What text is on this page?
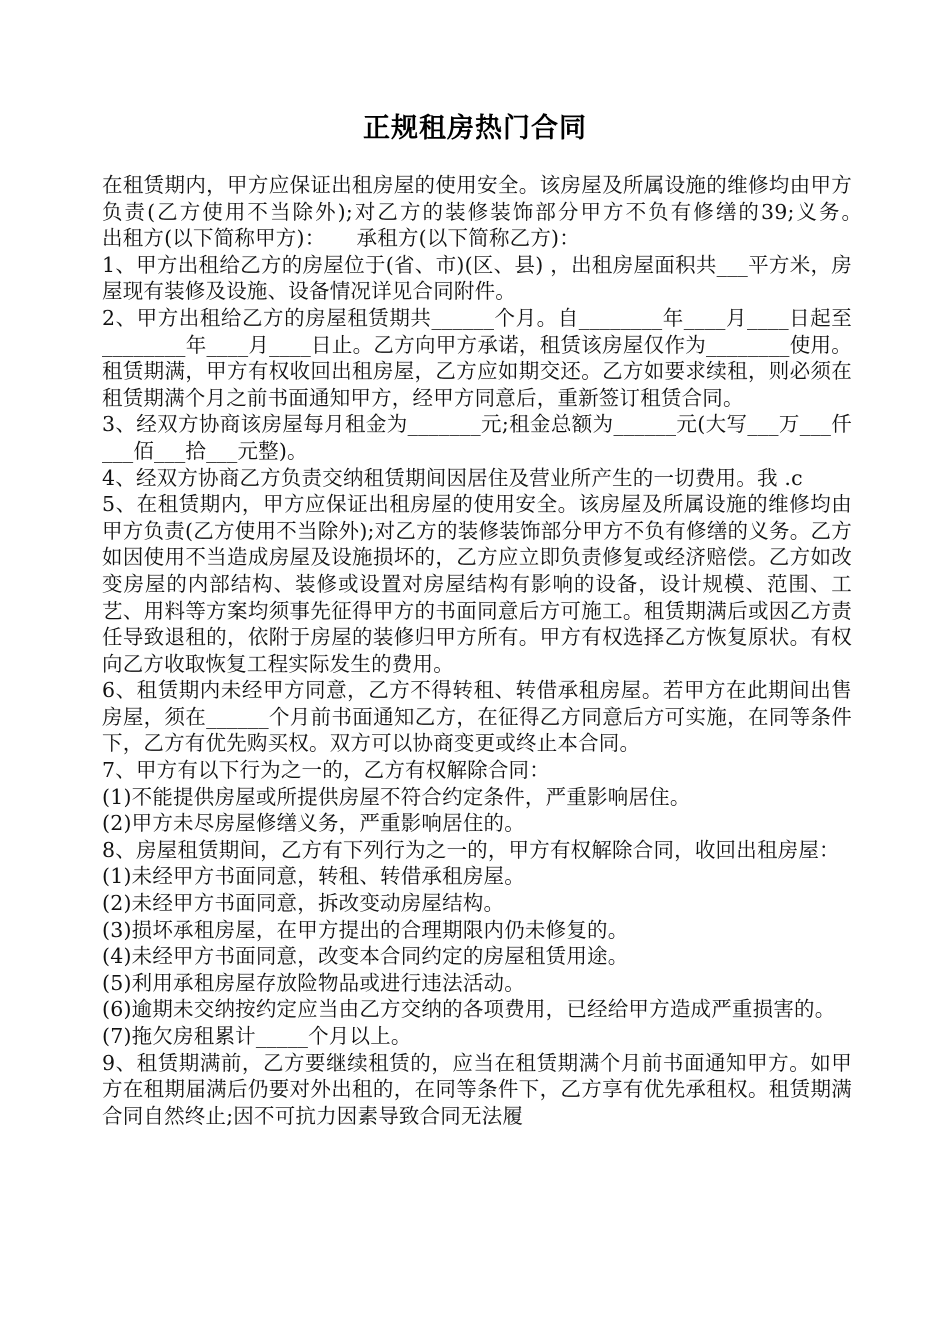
正规租房热门合同

在租赁期内，甲方应保证出租房屋的使用安全。该房屋及所属设施的维修均由甲方负责(乙方使用不当除外);对乙方的装修装饰部分甲方不负有修缮的39;义务。　　出租方(以下简称甲方)：　　承租方(以下简称乙方)：

1、甲方出租给乙方的房屋位于(省、市)(区、县) ，出租房屋面积共___平方米，房屋现有装修及设施、设备情况详见合同附件。

2、甲方出租给乙方的房屋租赁期共______个月。自________年____月____日起至________年____月____日止。乙方向甲方承诺，租赁该房屋仅作为________使用。 租赁期满，甲方有权收回出租房屋，乙方应如期交还。乙方如要求续租，则必须在租赁期满个月之前书面通知甲方，经甲方同意后，重新签订租赁合同。

3、经双方协商该房屋每月租金为_______元;租金总额为______元(大写___万___仟___佰___拾___元整)。

4、经双方协商乙方负责交纳租赁期间因居住及营业所产生的一切费用。我 .c

5、在租赁期内，甲方应保证出租房屋的使用安全。该房屋及所属设施的维修均由甲方负责(乙方使用不当除外);对乙方的装修装饰部分甲方不负有修缮的义务。乙方如因使用不当造成房屋及设施损坏的，乙方应立即负责修复或经济赔偿。乙方如改变房屋的内部结构、装修或设置对房屋结构有影响的设备，设计规模、范围、工艺、用料等方案均须事先征得甲方的书面同意后方可施工。租赁期满后或因乙方责任导致退租的，依附于房屋的装修归甲方所有。甲方有权选择乙方恢复原状。有权向乙方收取恢复工程实际发生的费用。

6、租赁期内未经甲方同意，乙方不得转租、转借承租房屋。若甲方在此期间出售房屋，须在______个月前书面通知乙方，在征得乙方同意后方可实施，在同等条件下，乙方有优先购买权。双方可以协商变更或终止本合同。

7、甲方有以下行为之一的，乙方有权解除合同：

(1)不能提供房屋或所提供房屋不符合约定条件，严重影响居住。

(2)甲方未尽房屋修缮义务，严重影响居住的。

8、房屋租赁期间，乙方有下列行为之一的，甲方有权解除合同，收回出租房屋：

(1)未经甲方书面同意，转租、转借承租房屋。

(2)未经甲方书面同意，拆改变动房屋结构。

(3)损坏承租房屋，在甲方提出的合理期限内仍未修复的。

(4)未经甲方书面同意，改变本合同约定的房屋租赁用途。

(5)利用承租房屋存放险物品或进行违法活动。

(6)逾期未交纳按约定应当由乙方交纳的各项费用，已经给甲方造成严重损害的。

(7)拖欠房租累计_____个月以上。

9、租赁期满前，乙方要继续租赁的，应当在租赁期满个月前书面通知甲方。如甲方在租期届满后仍要对外出租的，在同等条件下，乙方享有优先承租权。租赁期满合同自然终止;因不可抗力因素导致合同无法履
